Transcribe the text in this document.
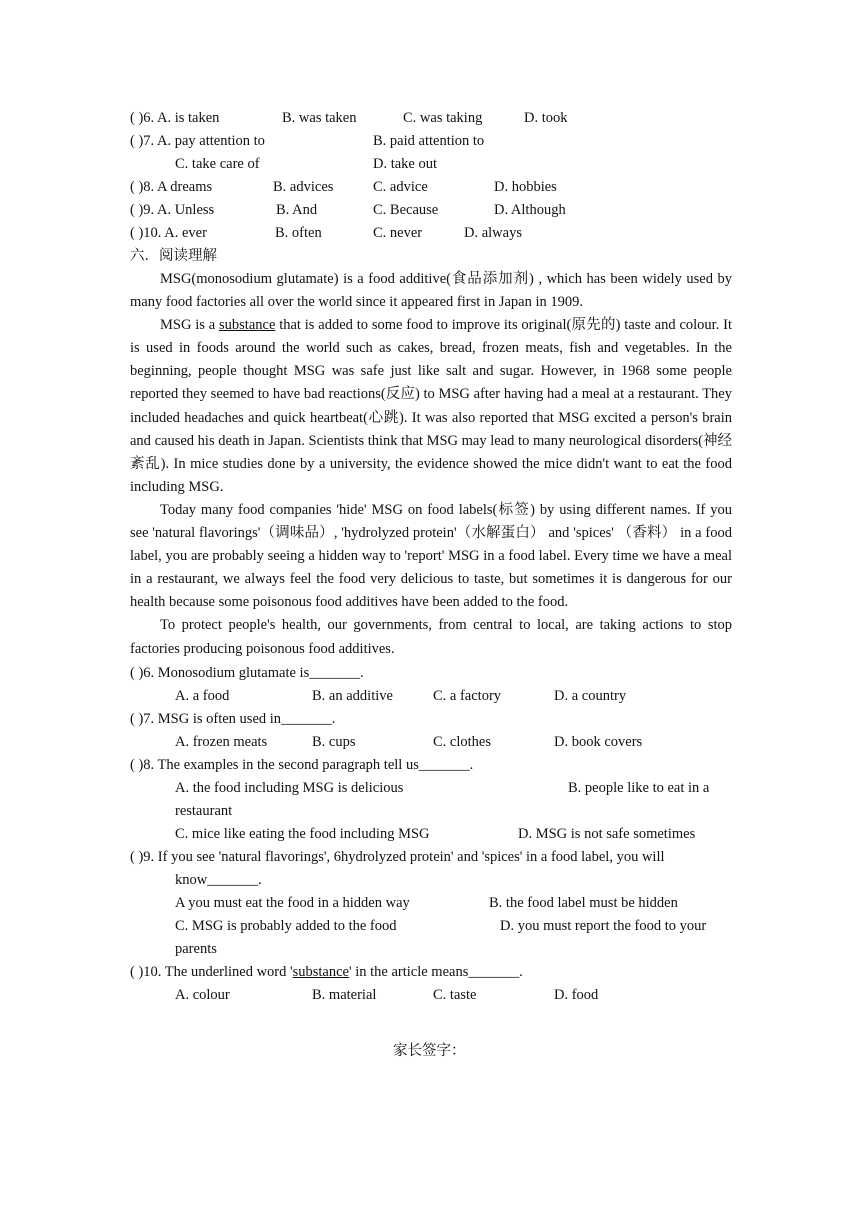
( )6. A. is taken	B. was taken	C. was taking	D. took
( )7. A. pay attention to	B. paid attention to
C. take care of	D. take out
( )8. A dreams	B. advices	C. advice	D. hobbies
( )9. A. Unless	B. And	C. Because	D. Although
( )10. A. ever	B. often	C. never	D. always
六．阅读理解

MSG(monosodium glutamate) is a food additive(食品添加剂) , which has been widely used by many food factories all over the world since it appeared first in Japan in 1909.

MSG is a substance that is added to some food to improve its original(原先的) taste and colour. It is used in foods around the world such as cakes, bread, frozen meats, fish and vegetables. In the beginning, people thought MSG was safe just like salt and sugar. However, in 1968 some people reported they seemed to have bad reactions(反应) to MSG after having had a meal at a restaurant. They included headaches and quick heartbeat(心跳). It was also reported that MSG excited a person's brain and caused his death in Japan. Scientists think that MSG may lead to many neurological disorders(神经紊乱). In mice studies done by a university, the evidence showed the mice didn't want to eat the food including MSG.

Today many food companies 'hide' MSG on food labels(标签) by using different names. If you see 'natural flavorings'（调味品）, 'hydrolyzed protein'（水解蛋白） and 'spices' （香料） in a food label, you are probably seeing a hidden way to 'report' MSG in a food label. Every time we have a meal in a restaurant, we always feel the food very delicious to taste, but sometimes it is dangerous for our health because some poisonous food additives have been added to the food.

To protect people's health, our governments, from central to local, are taking actions to stop factories producing poisonous food additives.

( )6. Monosodium glutamate is_______.
A. a food	B. an additive	C. a factory	D. a country
( )7. MSG is often used in_______.
A. frozen meats	B. cups	C. clothes	D. book covers
( )8. The examples in the second paragraph tell us_______.
A. the food including MSG is delicious	B. people like to eat in a
restaurant
C. mice like eating the food including MSG	D. MSG is not safe sometimes
( )9. If you see 'natural flavorings', 6hydrolyzed protein' and 'spices' in a food label, you will
know_______.
A you must eat the food in a hidden way	B. the food label must be hidden
C. MSG is probably added to the food	D. you must report the food to your
parents
( )10. The underlined word 'substance' in the article means_______.
A. colour	B. material	C. taste	D. food
家长签字：
